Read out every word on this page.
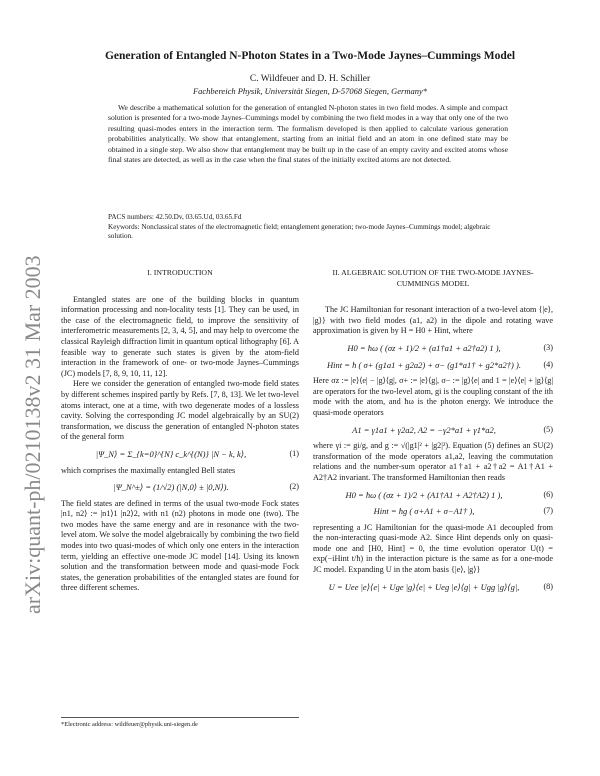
arXiv:quant-ph/0210138v2 31 Mar 2003
Generation of Entangled N-Photon States in a Two-Mode Jaynes–Cummings Model
C. Wildfeuer and D. H. Schiller
Fachbereich Physik, Universität Siegen, D-57068 Siegen, Germany*
We describe a mathematical solution for the generation of entangled N-photon states in two field modes. A simple and compact solution is presented for a two-mode Jaynes–Cummings model by combining the two field modes in a way that only one of the two resulting quasi-modes enters in the interaction term. The formalism developed is then applied to calculate various generation probabilities analytically. We show that entanglement, starting from an initial field and an atom in one defined state may be obtained in a single step. We also show that entanglement may be built up in the case of an empty cavity and excited atoms whose final states are detected, as well as in the case when the final states of the initially excited atoms are not detected.
PACS numbers: 42.50.Dv, 03.65.Ud, 03.65.Fd
Keywords: Nonclassical states of the electromagnetic field; entanglement generation; two-mode Jaynes–Cummings model; algebraic solution.
I. INTRODUCTION

Entangled states are one of the building blocks in quantum information processing and non-locality tests [1]. They can be used, in the case of the electromagnetic field, to improve the sensitivity of interferometric measurements [2, 3, 4, 5], and may help to overcome the classical Rayleigh diffraction limit in quantum optical lithography [6]. A feasible way to generate such states is given by the atom-field interaction in the framework of one- or two-mode Jaynes–Cummings (JC) models [7, 8, 9, 10, 11, 12].

Here we consider the generation of entangled two-mode field states by different schemes inspired partly by Refs. [7, 8, 13]. We let two-level atoms interact, one at a time, with two degenerate modes of a lossless cavity. Solving the corresponding JC model algebraically by an SU(2) transformation, we discuss the generation of entangled N-photon states of the general form

|Ψ_N⟩ = Σ_{k=0}^{N} c_k^{(N)} |N − k, k⟩,	(1)

which comprises the maximally entangled Bell states

|Ψ_N^±⟩ = (1/√2) (|N,0⟩ ± |0,N⟩).	(2)

The field states are defined in terms of the usual two-mode Fock states |n1, n2⟩ := |n1⟩1 |n2⟩2, with n1 (n2) photons in mode one (two). The two modes have the same energy and are in resonance with the two-level atom. We solve the model algebraically by combining the two field modes into two quasi-modes of which only one enters in the interaction term, yielding an effective one-mode JC model [14]. Using its known solution and the transformation between mode and quasi-mode Fock states, the generation probabilities of the entangled states are found for three different schemes.

II. ALGEBRAIC SOLUTION OF THE TWO-MODE JAYNES-CUMMINGS MODEL

The JC Hamiltonian for resonant interaction of a two-level atom {|e⟩, |g⟩} with two field modes (a1, a2) in the dipole and rotating wave approximation is given by H = H0 + Hint, where

H0 = ħω ( (σz + 1)/2 + (a1†a1 + a2†a2) 1 ),	(3)
Hint = ħ ( σ+ (g1a1 + g2a2) + σ− (g1*a1† + g2*a2†) ).	(4)

Here σz := |e⟩⟨e| − |g⟩⟨g|, σ+ := |e⟩⟨g|, σ− := |g⟩⟨e| and 1 = |e⟩⟨e| + |g⟩⟨g| are operators for the two-level atom, gi is the coupling constant of the ith mode with the atom, and ħω is the photon energy. We introduce the quasi-mode operators

A1 = γ1a1 + γ2a2, A2 = −γ2*a1 + γ1*a2,	(5)

where γi := gi/g, and g := √(|g1|² + |g2|²). Equation (5) defines an SU(2) transformation of the mode operators a1,a2, leaving the commutation relations and the number-sum operator a1†a1 + a2†a2 = A1†A1 + A2†A2 invariant. The transformed Hamiltonian then reads

H0 = ħω ( (σz + 1)/2 + (A1†A1 + A2†A2) 1 ),	(6)
Hint = ħg ( σ+A1 + σ−A1† ),	(7)

representing a JC Hamiltonian for the quasi-mode A1 decoupled from the non-interacting quasi-mode A2. Since Hint depends only on quasi-mode one and [H0, Hint] = 0, the time evolution operator U(t) = exp(−iHint t/ħ) in the interaction picture is the same as for a one-mode JC model. Expanding U in the atom basis {|e⟩, |g⟩}

U = Uee |e⟩⟨e| + Uge |g⟩⟨e| + Ueg |e⟩⟨g| + Ugg |g⟩⟨g|,	(8)
*Electronic address: wildfeuer@physik.uni-siegen.de
